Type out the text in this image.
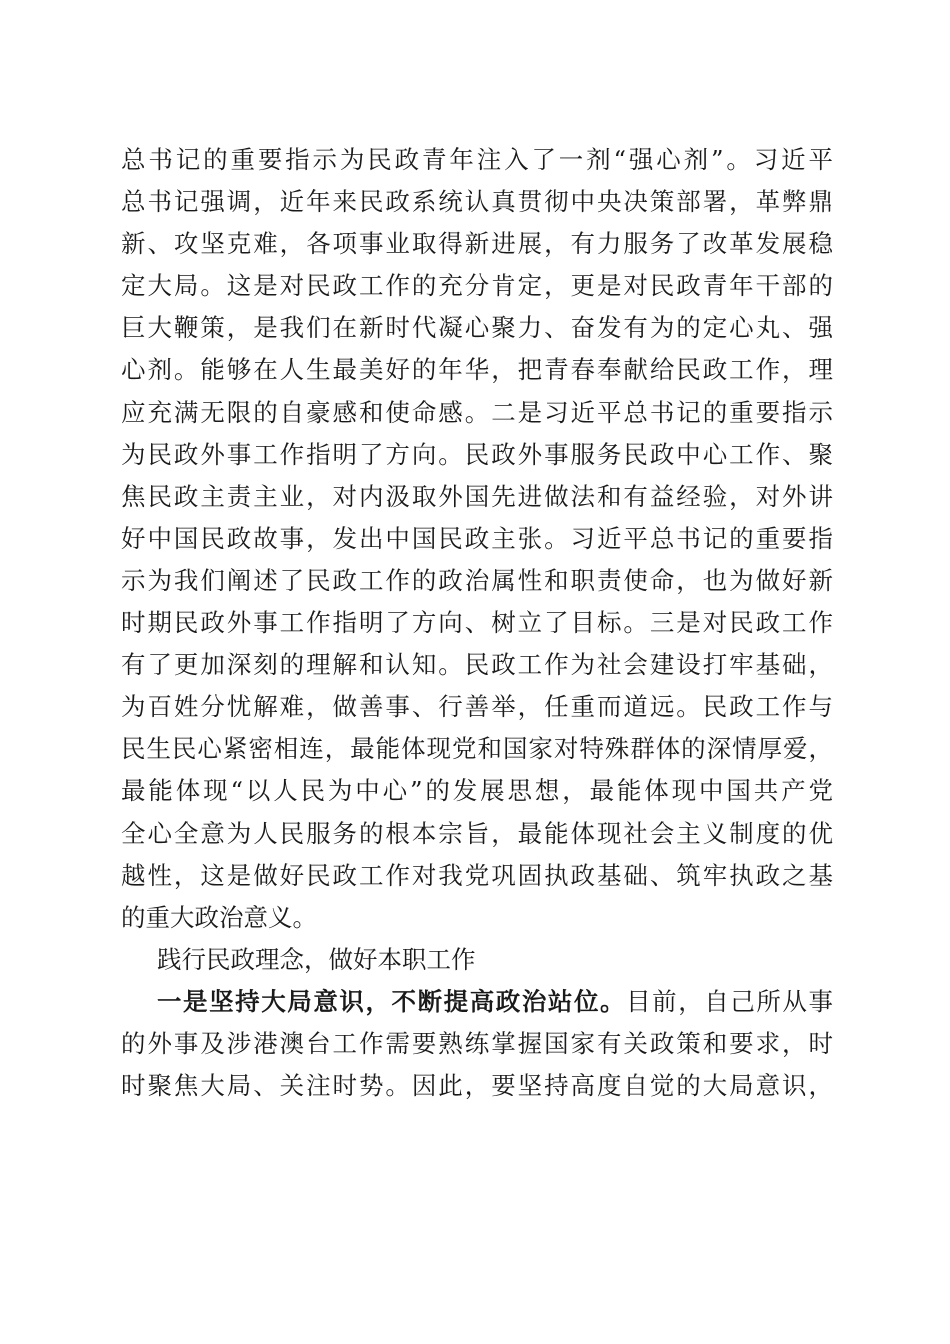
总书记的重要指示为民政青年注入了一剂“强心剂”。习近平
总书记强调，近年来民政系统认真贯彻中央决策部署，革弊鼎
新、攻坚克难，各项事业取得新进展，有力服务了改革发展稳
定大局。这是对民政工作的充分肯定，更是对民政青年干部的
巨大鞭策，是我们在新时代凝心聚力、奋发有为的定心丸、强
心剂。能够在人生最美好的年华，把青春奉献给民政工作，理
应充满无限的自豪感和使命感。二是习近平总书记的重要指示
为民政外事工作指明了方向。民政外事服务民政中心工作、聚
焦民政主责主业，对内汲取外国先进做法和有益经验，对外讲
好中国民政故事，发出中国民政主张。习近平总书记的重要指
示为我们阐述了民政工作的政治属性和职责使命，也为做好新
时期民政外事工作指明了方向、树立了目标。三是对民政工作
有了更加深刻的理解和认知。民政工作为社会建设打牢基础，
为百姓分忧解难，做善事、行善举，任重而道远。民政工作与
民生民心紧密相连，最能体现党和国家对特殊群体的深情厚爱，
最能体现“以人民为中心”的发展思想，最能体现中国共产党
全心全意为人民服务的根本宗旨，最能体现社会主义制度的优
越性，这是做好民政工作对我党巩固执政基础、筑牢执政之基
的重大政治意义。
践行民政理念，做好本职工作
一是坚持大局意识，不断提高政治站位。目前，自己所从事
的外事及涉港澳台工作需要熟练掌握国家有关政策和要求，时
时聚焦大局、关注时势。因此，要坚持高度自觉的大局意识，
